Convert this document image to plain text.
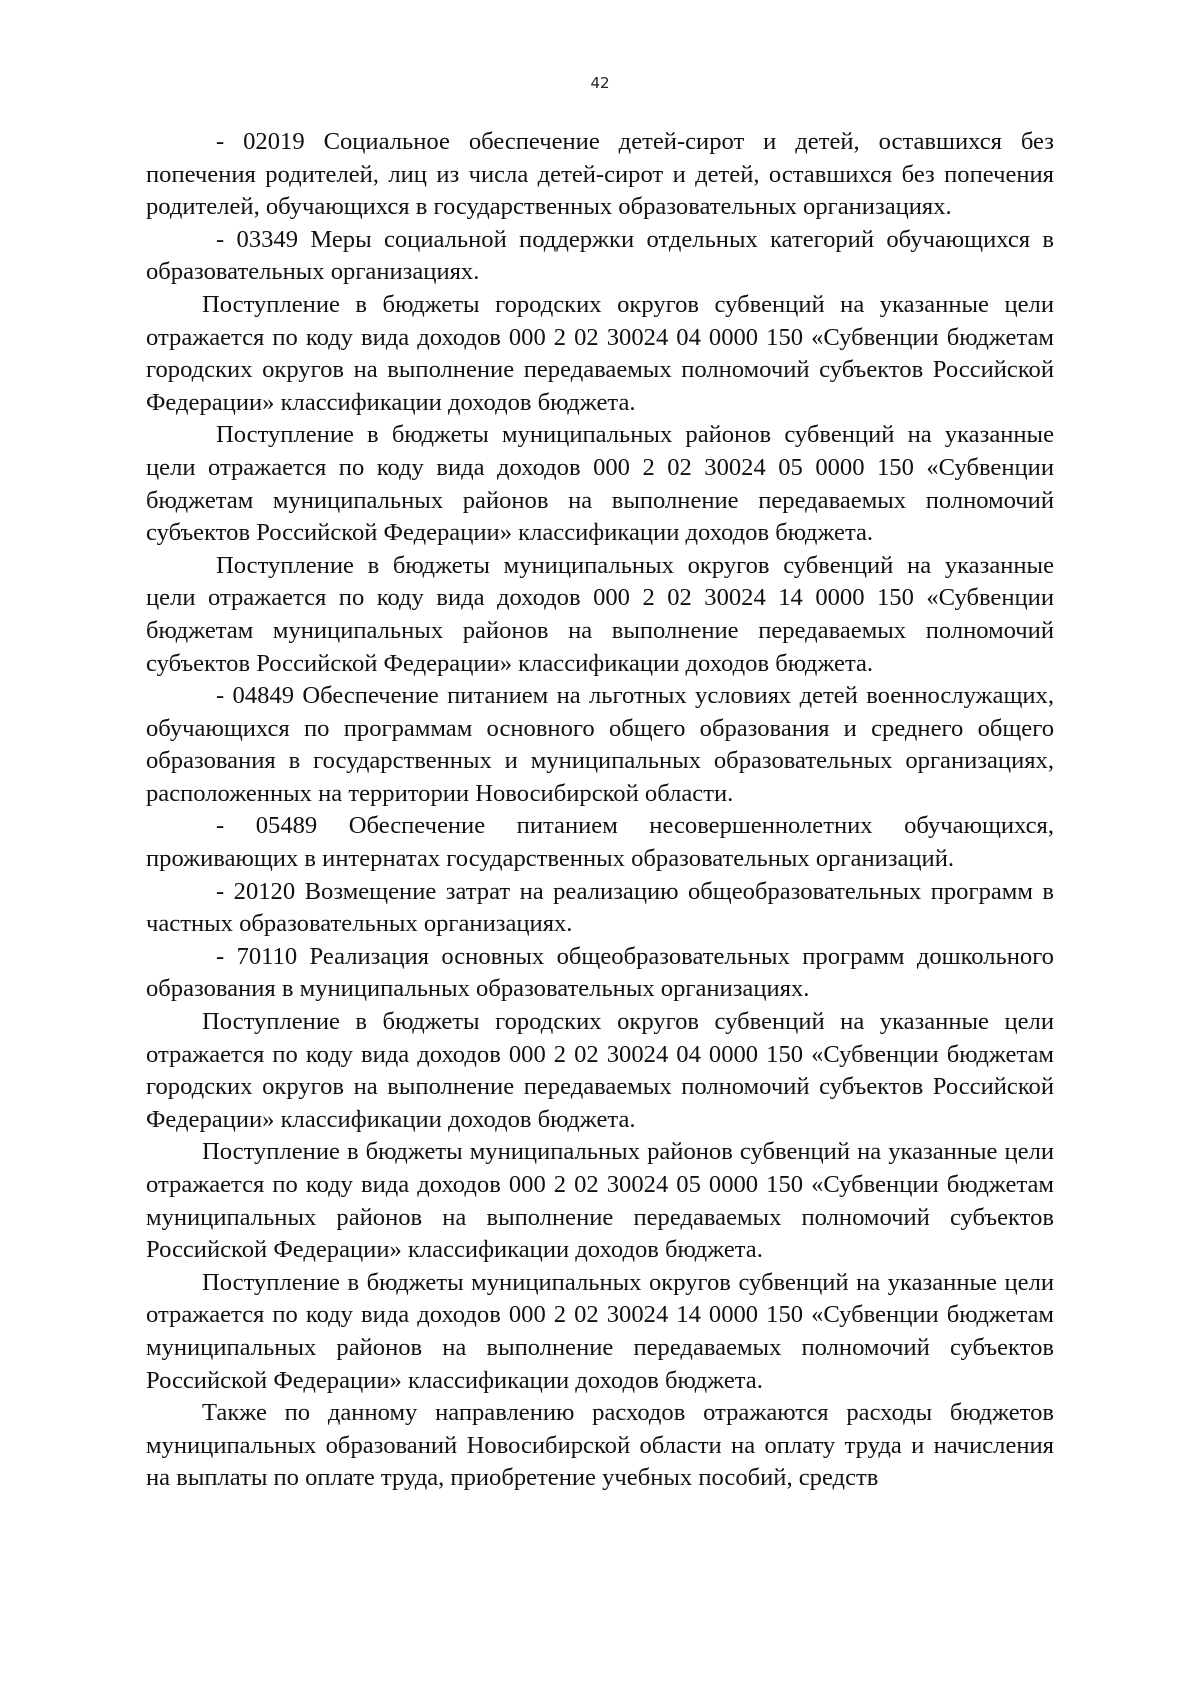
42

- 02019 Социальное обеспечение детей-сирот и детей, оставшихся без попечения родителей, лиц из числа детей-сирот и детей, оставшихся без попечения родителей, обучающихся в государственных образовательных организациях.

- 03349 Меры социальной поддержки отдельных категорий обучающихся в образовательных организациях.

Поступление в бюджеты городских округов субвенций на указанные цели отражается по коду вида доходов 000 2 02 30024 04 0000 150 «Субвенции бюджетам городских округов на выполнение передаваемых полномочий субъектов Российской Федерации» классификации доходов бюджета.

Поступление в бюджеты муниципальных районов субвенций на указанные цели отражается по коду вида доходов 000 2 02 30024 05 0000 150 «Субвенции бюджетам муниципальных районов на выполнение передаваемых полномочий субъектов Российской Федерации» классификации доходов бюджета.

Поступление в бюджеты муниципальных округов субвенций на указанные цели отражается по коду вида доходов 000 2 02 30024 14 0000 150 «Субвенции бюджетам муниципальных районов на выполнение передаваемых полномочий субъектов Российской Федерации» классификации доходов бюджета.

- 04849 Обеспечение питанием на льготных условиях детей военнослужащих, обучающихся по программам основного общего образования и среднего общего образования в государственных и муниципальных образовательных организациях, расположенных на территории Новосибирской области.

- 05489 Обеспечение питанием несовершеннолетних обучающихся, проживающих в интернатах государственных образовательных организаций.

- 20120 Возмещение затрат на реализацию общеобразовательных программ в частных образовательных организациях.

- 70110 Реализация основных общеобразовательных программ дошкольного образования в муниципальных образовательных организациях.

Поступление в бюджеты городских округов субвенций на указанные цели отражается по коду вида доходов 000 2 02 30024 04 0000 150 «Субвенции бюджетам городских округов на выполнение передаваемых полномочий субъектов Российской Федерации» классификации доходов бюджета.

Поступление в бюджеты муниципальных районов субвенций на указанные цели отражается по коду вида доходов 000 2 02 30024 05 0000 150 «Субвенции бюджетам муниципальных районов на выполнение передаваемых полномочий субъектов Российской Федерации» классификации доходов бюджета.

Поступление в бюджеты муниципальных округов субвенций на указанные цели отражается по коду вида доходов 000 2 02 30024 14 0000 150 «Субвенции бюджетам муниципальных районов на выполнение передаваемых полномочий субъектов Российской Федерации» классификации доходов бюджета.

Также по данному направлению расходов отражаются расходы бюджетов муниципальных образований Новосибирской области на оплату труда и начисления на выплаты по оплате труда, приобретение учебных пособий, средств
